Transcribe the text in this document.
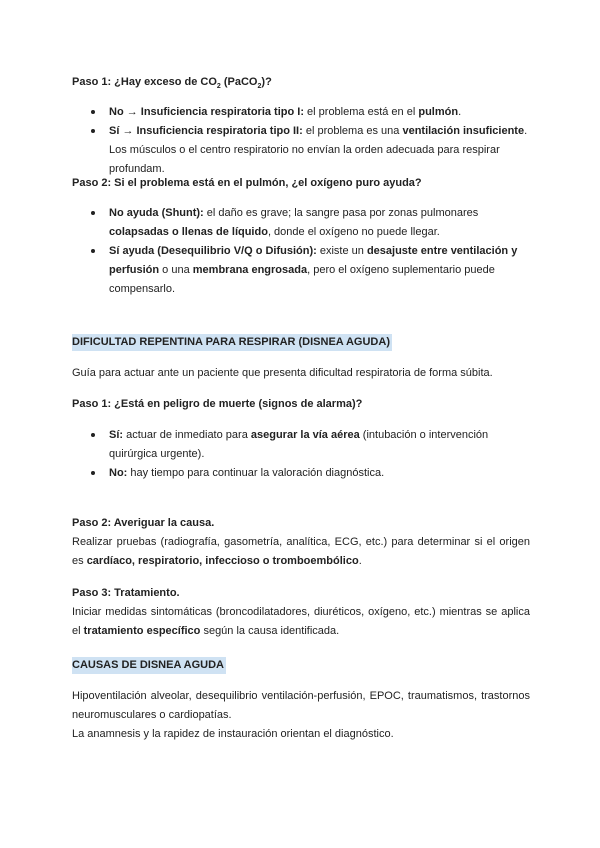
Paso 1: ¿Hay exceso de $CO_2$ (PaCO$_2$)?
No → Insuficiencia respiratoria tipo I: el problema está en el pulmón.
Sí → Insuficiencia respiratoria tipo II: el problema es una ventilación insuficiente. Los músculos o el centro respiratorio no envían la orden adecuada para respirar profundam.
Paso 2: Si el problema está en el pulmón, ¿el oxígeno puro ayuda?
No ayuda (Shunt): el daño es grave; la sangre pasa por zonas pulmonares colapsadas o llenas de líquido, donde el oxígeno no puede llegar.
Sí ayuda (Desequilibrio V/Q o Difusión): existe un desajuste entre ventilación y perfusión o una membrana engrosada, pero el oxígeno suplementario puede compensarlo.
DIFICULTAD REPENTINA PARA RESPIRAR (DISNEA AGUDA)
Guía para actuar ante un paciente que presenta dificultad respiratoria de forma súbita.
Paso 1: ¿Está en peligro de muerte (signos de alarma)?
Sí: actuar de inmediato para asegurar la vía aérea (intubación o intervención quirúrgica urgente).
No: hay tiempo para continuar la valoración diagnóstica.
Paso 2: Averiguar la causa.
Realizar pruebas (radiografía, gasometría, analítica, ECG, etc.) para determinar si el origen es cardíaco, respiratorio, infeccioso o tromboembólico.
Paso 3: Tratamiento.
Iniciar medidas sintomáticas (broncodilatadores, diuréticos, oxígeno, etc.) mientras se aplica el tratamiento específico según la causa identificada.
CAUSAS DE DISNEA AGUDA
Hipoventilación alveolar, desequilibrio ventilación-perfusión, EPOC, traumatismos, trastornos neuromusculares o cardiopatías.
La anamnesis y la rapidez de instauración orientan el diagnóstico.
